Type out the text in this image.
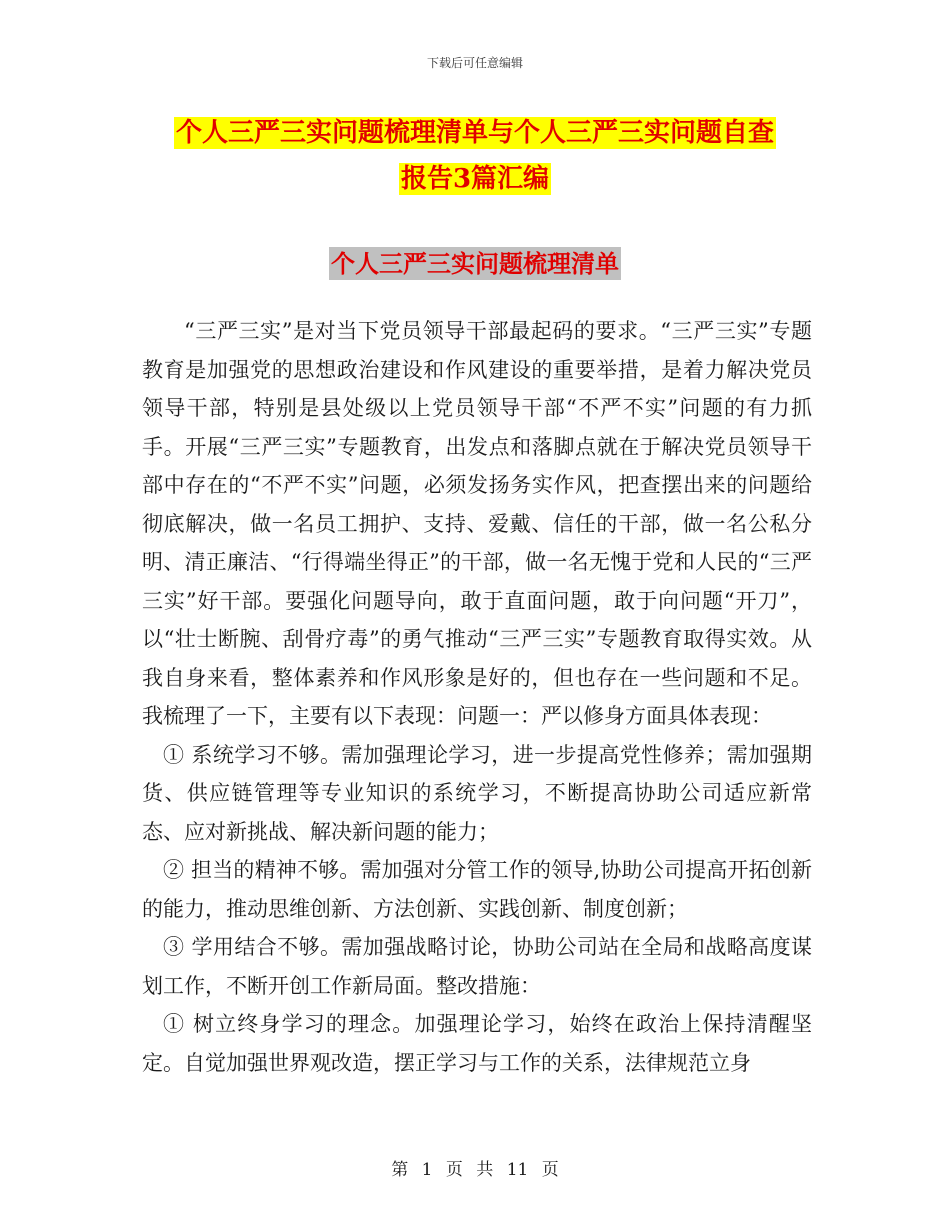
下载后可任意编辑
个人三严三实问题梳理清单与个人三严三实问题自查
报告3篇汇编
个人三严三实问题梳理清单

“三严三实”是对当下党员领导干部最起码的要求。“三严三实”专题教育是加强党的思想政治建设和作风建设的重要举措，是着力解决党员领导干部，特别是县处级以上党员领导干部“不严不实”问题的有力抓手。开展“三严三实”专题教育，出发点和落脚点就在于解决党员领导干部中存在的“不严不实”问题，必须发扬务实作风，把查摆出来的问题给彻底解决，做一名员工拥护、支持、爱戴、信任的干部，做一名公私分明、清正廉洁、“行得端坐得正”的干部，做一名无愧于党和人民的“三严三实”好干部。要强化问题导向，敢于直面问题，敢于向问题“开刀”，以“壮士断腕、刮骨疗毒”的勇气推动“三严三实”专题教育取得实效。从我自身来看，整体素养和作风形象是好的，但也存在一些问题和不足。我梳理了一下，主要有以下表现：问题一：严以修身方面具体表现：

① 系统学习不够。需加强理论学习，进一步提高党性修养；需加强期货、供应链管理等专业知识的系统学习，不断提高协助公司适应新常态、应对新挑战、解决新问题的能力；

② 担当的精神不够。需加强对分管工作的领导,协助公司提高开拓创新的能力，推动思维创新、方法创新、实践创新、制度创新；

③ 学用结合不够。需加强战略讨论，协助公司站在全局和战略高度谋划工作，不断开创工作新局面。整改措施：

① 树立终身学习的理念。加强理论学习，始终在政治上保持清醒坚定。自觉加强世界观改造，摆正学习与工作的关系，法律规范立身

第 1 页 共 11 页
